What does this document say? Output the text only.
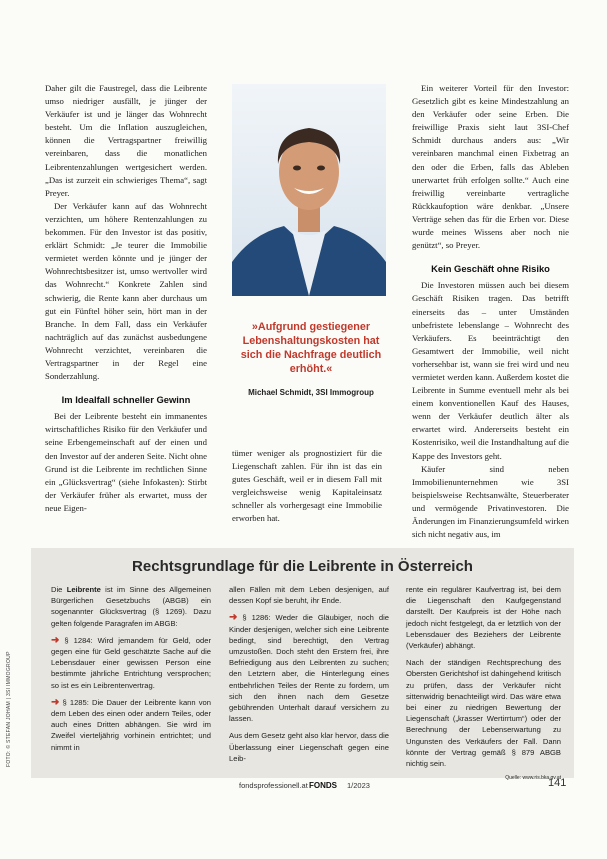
Daher gilt die Faustregel, dass die Leibrente umso niedriger ausfällt, je jünger der Verkäufer ist und je länger das Wohnrecht besteht. Um die Inflation auszugleichen, können die Vertragspartner freiwillig vereinbaren, dass die monatlichen Leibrentenzahlungen wertgesichert werden. „Das ist zurzeit ein schwieriges Thema“, sagt Preyer.

Der Verkäufer kann auf das Wohnrecht verzichten, um höhere Rentenzahlungen zu bekommen. Für den Investor ist das positiv, erklärt Schmidt: „Je teurer die Immobilie vermietet werden könnte und je jünger der Wohnrechtsbesitzer ist, umso wertvoller wird das Wohnrecht.“ Konkrete Zahlen sind schwierig, die Rente kann aber durchaus um gut ein Fünftel höher sein, hört man in der Branche. In dem Fall, dass ein Verkäufer nachträglich auf das zunächst ausbedungene Wohnrecht verzichtet, vereinbaren die Vertragspartner in der Regel eine Sonderzahlung.

Im Idealfall schneller Gewinn

Bei der Leibrente besteht ein immanentes wirtschaftliches Risiko für den Verkäufer und seine Erbengemeinschaft auf der einen und den Investor auf der anderen Seite. Nicht ohne Grund ist die Leibrente im rechtlichen Sinne ein „Glücksvertrag“ (siehe Infokasten): Stirbt der Verkäufer früher als erwartet, muss der neue Eigen-

»Aufgrund gestiegener Lebenshaltungskosten hat sich die Nachfrage deutlich erhöht.«
Michael Schmidt, 3SI Immogroup

tümer weniger als prognostiziert für die Liegenschaft zahlen. Für ihn ist das ein gutes Geschäft, weil er in diesem Fall mit vergleichsweise wenig Kapitaleinsatz schneller als vorhergesagt eine Immobilie erworben hat.

Ein weiterer Vorteil für den Investor: Gesetzlich gibt es keine Mindestzahlung an den Verkäufer oder seine Erben. Die freiwillige Praxis sieht laut 3SI-Chef Schmidt durchaus anders aus: „Wir vereinbaren manchmal einen Fixbetrag an den oder die Erben, falls das Ableben unerwartet früh erfolgen sollte.“ Auch eine freiwillig vereinbarte vertragliche Rückkaufoption wäre denkbar. „Unsere Verträge sehen das für die Erben vor. Diese wurde meines Wissens aber noch nie genützt“, so Preyer.

Kein Geschäft ohne Risiko

Die Investoren müssen auch bei diesem Geschäft Risiken tragen. Das betrifft einerseits das – unter Umständen unbefristete lebenslange – Wohnrecht des Verkäufers. Es beeinträchtigt den Gesamtwert der Immobilie, weil nicht vorhersehbar ist, wann sie frei wird und neu vermietet werden kann. Außerdem kostet die Leibrente in Summe eventuell mehr als bei einem konventionellen Kauf des Hauses, wenn der Verkäufer deutlich älter als erwartet wird. Andererseits besteht ein Kostenrisiko, weil die Instandhaltung auf die Kappe des Investors geht.

Käufer sind neben Immobilienunternehmen wie 3SI beispielsweise Rechtsanwälte, Steuerberater und vermögende Privatinvestoren. Die Änderungen im Finanzierungsumfeld wirken sich nicht negativ aus, im

Rechtsgrundlage für die Leibrente in Österreich

Die Leibrente ist im Sinne des Allgemeinen Bürgerlichen Gesetzbuchs (ABGB) ein sogenannter Glücksvertrag (§ 1269). Dazu gelten folgende Paragrafen im ABGB:

➜ § 1284: Wird jemandem für Geld, oder gegen eine für Geld geschätzte Sache auf die Lebensdauer einer gewissen Person eine bestimmte jährliche Entrichtung versprochen; so ist es ein Leibrentenvertrag.

➜ § 1285: Die Dauer der Leibrente kann von dem Leben des einen oder andern Teiles, oder auch eines Dritten abhängen. Sie wird im Zweifel vierteljährig vorhinein entrichtet; und nimmt in

allen Fällen mit dem Leben desjenigen, auf dessen Kopf sie beruht, ihr Ende.

➜ § 1286: Weder die Gläubiger, noch die Kinder desjenigen, welcher sich eine Leibrente bedingt, sind berechtigt, den Vertrag umzustoßen. Doch steht den Erstern frei, ihre Befriedigung aus den Leibrenten zu suchen; den Letztern aber, die Hinterlegung eines entbehrlichen Teiles der Rente zu fordern, um sich den ihnen nach dem Gesetze gebührenden Unterhalt darauf versichern zu lassen.

Aus dem Gesetz geht also klar hervor, dass die Überlassung einer Liegenschaft gegen eine Leib-

rente ein regulärer Kaufvertrag ist, bei dem die Liegenschaft den Kaufgegenstand darstellt. Der Kaufpreis ist der Höhe nach jedoch nicht festgelegt, da er letztlich von der Lebensdauer des Beziehers der Leibrente (Verkäufer) abhängt.

Nach der ständigen Rechtsprechung des Obersten Gerichtshof ist dahingehend kritisch zu prüfen, dass der Verkäufer nicht sittenwidrig benachteiligt wird. Das wäre etwa bei einer zu niedrigen Bewertung der Liegenschaft („krasser Wertirrtum“) oder der Berechnung der Lebenserwartung zu Ungunsten des Verkäufers der Fall. Dann könnte der Vertrag gemäß § 879 ABGB nichtig sein.

Quelle: www.ris.bka.gv.at
FOTO: © STEFAN JOHAM | 3SI IMMOGROUP
fondsprofessionell.at FONDS 1/2023	141
